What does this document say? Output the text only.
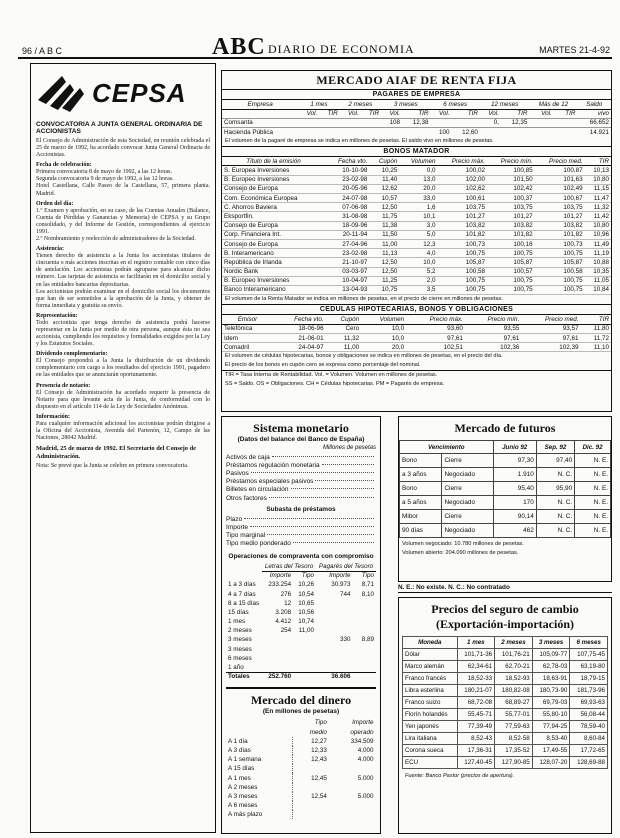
96 / A B C	ABC DIARIO DE ECONOMIA	MARTES 21-4-92
CEPSA
CONVOCATORIA A JUNTA GENERAL ORDINARIA DE ACCIONISTAS

El Consejo de Administración de esta Sociedad, en reunión celebrada el 25 de marzo de 1992, ha acordado convocar Junta General Ordinaria de Accionistas.

Fecha de celebración:

Primera convocatoria 8 de mayo de 1992, a las 12 horas.

Segunda convocatoria 9 de mayo de 1992, a las 12 horas.

Hotel Castellana, Calle Paseo de la Castellana, 57, primera planta. Madrid.

Orden del día:

1.º Examen y aprobación, en su caso, de las Cuentas Anuales (Balance, Cuenta de Pérdidas y Ganancias y Memoria) de CEPSA y su Grupo consolidado, y del Informe de Gestión, correspondientes al ejercicio 1991.

2.º Nombramiento y reelección de administradores de la Sociedad.

Asistencia:

Tienen derecho de asistencia a la Junta los accionistas titulares de cincuenta o más acciones inscritas en el registro contable con cinco días de antelación. Los accionistas podrán agruparse para alcanzar dicho número. Las tarjetas de asistencia se facilitarán en el domicilio social y en las entidades bancarias depositarias.

Los accionistas podrán examinar en el domicilio social los documentos que han de ser sometidos a la aprobación de la Junta, y obtener de forma inmediata y gratuita su envío.

Representación:

Todo accionista que tenga derecho de asistencia podrá hacerse representar en la Junta por medio de otra persona, aunque ésta no sea accionista, cumpliendo los requisitos y formalidades exigidos por la Ley y los Estatutos Sociales.

Dividendo complementario:

El Consejo propondrá a la Junta la distribución de un dividendo complementario con cargo a los resultados del ejercicio 1991, pagadero en las entidades que se anunciarán oportunamente.

Presencia de notario:

El Consejo de Administración ha acordado requerir la presencia de Notario para que levante acta de la Junta, de conformidad con lo dispuesto en el artículo 114 de la Ley de Sociedades Anónimas.

Información:

Para cualquier información adicional los accionistas podrán dirigirse a la Oficina del Accionista, Avenida del Partenón, 12, Campo de las Naciones, 28042 Madrid.

Madrid, 25 de marzo de 1992. El Secretario del Consejo de Administración.

Nota: Se prevé que la Junta se celebre en primera convocatoria.

MERCADO AIAF DE RENTA FIJA
PAGARES DE EMPRESA
Empresa	1 mes		2 meses		3 meses		6 meses		12 meses		Más de 12		Saldo
	Vol.	TIR	Vol.	TIR	Vol.	TIR	Vol.	TIR	Vol.	TIR	Vol.	TIR	vivo
Comsanta					108	12,38			0,	12,35			66.652
Hacienda Pública							100	12,60					14.921
El volumen de la pagaré de empresa se indica en millones de pesetas. El saldo vivo en millones de pesetas.
BONOS MATADOR
Título de la emisión	Fecha vto.	Cupón	Volumen	Precio máx.	Precio mín.	Precio med.	TIR
S. Europea Inversiones	10-10-98	10,25	0,0	100,02	100,85	100,87	10,13
B. Europeo Inversiones	23-02-98	11,40	13,0	102,00	101,50	101,63	10,80
Consejo de Europa	20-05-96	12,62	20,0	102,62	102,42	102,49	11,15
Com. Económica Europea	24-07-98	10,57	33,0	100,61	100,37	100,67	11,47
C. Ahorros Baviera	07-06-98	12,50	1,6	103,75	103,75	103,75	11,32
Eksportfin.	31-08-98	11,75	10,1	101,27	101,27	101,27	11,42
Consejo de Europa	18-09-96	11,38	3,0	103,82	103,82	103,82	10,80
Corp. Financiera Int.	20-11-94	11,50	5,0	101,82	101,82	101,82	10,96
Consejo de Europa	27-04-96	11,00	12,3	100,73	100,16	100,73	11,49
B. Interamericano	23-02-98	11,13	4,0	100,75	100,75	100,75	11,19
República de Irlanda	21-10-97	12,50	10,0	105,87	105,87	105,87	10,88
Nordic Bank	03-03-97	12,50	5,2	100,58	100,57	100,58	10,35
B. Europeo Inversiones	10-04-97	11,25	2,0	100,75	100,75	100,75	11,05
Banco Interamericano	13-04-93	10,75	3,5	100,75	100,75	100,75	10,84
El volumen de la Renta Matador se indica en millones de pesetas, en el precio de cierre en millones de pesetas.
CEDULAS HIPOTECARIAS, BONOS Y OBLIGACIONES
Emisor	Fecha vto.	Cupón	Volumen	Precio máx.	Precio mín.	Precio med.	TIR
Telefónica	18-06-96	Cero	10,0	93,60	93,55	93,57	11,80
Idem	21-06-01	11,32	10,0	97,61	97,61	97,61	11,72
Comadril	24-04-97	11,00	20,0	102,51	102,36	102,39	11,10
El volumen de cédulas hipotecarias, bonos y obligaciones se indica en millones de pesetas, en el precio del día.
El precio de los bonos en cupón cero se expresa como porcentaje del nominal.
TIR = Tasa Interna de Rentabilidad. Vol. = Volumen. Volumen en millones de pesetas.
SS = Saldo. OS = Obligaciones. CH = Cédulas hipotecarias. PM = Pagarés de empresa.
Sistema monetario
(Datos del balance del Banco de España)
Millones de pesetas
Activos de caja
Préstamos regulación monetaria
Pasivos
Préstamos especiales pasivos
Billetes en circulación
Otros factores
Subasta de préstamos
Plazo
Importe
Tipo marginal
Tipo medio ponderado
Operaciones de compraventa con compromiso
	Letras del Tesoro		Pagarés del Tesoro	
	Importe	Tipo	Importe	Tipo
1 a 3 días	233.254	10,26	30.973	8,71
4 a 7 días	276	10,54	744	8,10
8 a 15 días	12	10,65		
15 días	3.208	10,56		
1 mes	4.412	10,74		
2 meses	254	11,00		
3 meses			330	8,89
3 meses				
6 meses				
1 año				
Totales	252.760		36.606	
Mercado del dinero
(En millones de pesetas)
	Tipo	Importe
	medio	operado
A 1 día	12,27	334.509
A 3 días	12,33	4.000
A 1 semana	12,43	4.000
A 15 días		
A 1 mes	12,45	5.000
A 2 meses		
A 3 meses	12,54	5.000
A 6 meses		
A más plazo		
Mercado de futuros
Vencimiento		Junio 92	Sep. 92	Dic. 92
Bono	Cierre	97,30	97,40	N. E.
a 3 años	Negociado	1.910	N. C.	N. E.
Bono	Cierre	95,40	95,90	N. E.
a 5 años	Negociado	170	N. C.	N. E.
Mibor	Cierre	90,14	N. C.	N. E.
90 días	Negociado	462	N. C.	N. E.
Volumen negociado: 10.780 millones de pesetas.
Volumen abierto: 204.090 millones de pesetas.
N. E.: No existe. N. C.: No contratado
Precios del seguro de cambio
(Exportación-importación)
Moneda	1 mes	2 meses	3 meses	6 meses
Dólar	101,71-36	101,76-21	105,09-77	107,75-45
Marco alemán	62,34-61	62,70-21	62,78-03	63,19-80
Franco francés	18,52-33	18,52-93	18,63-91	18,79-15
Libra esterlina	180,21-07	180,82-08	180,73-90	181,73-96
Franco suizo	68,72-08	68,89-27	69,79-03	69,93-63
Florín holandés	55,45-71	55,77-01	55,80-10	56,08-44
Yen japonés	77,39-49	77,59-63	77,94-25	78,59-40
Lira italiana	8,52-43	8,52-58	8,53-40	8,60-84
Corona sueca	17,36-31	17,35-52	17,49-55	17,72-65
ECU	127,40-45	127,90-85	128,07-20	128,69-88
Fuente: Banco Pastor (precios de apertura).
